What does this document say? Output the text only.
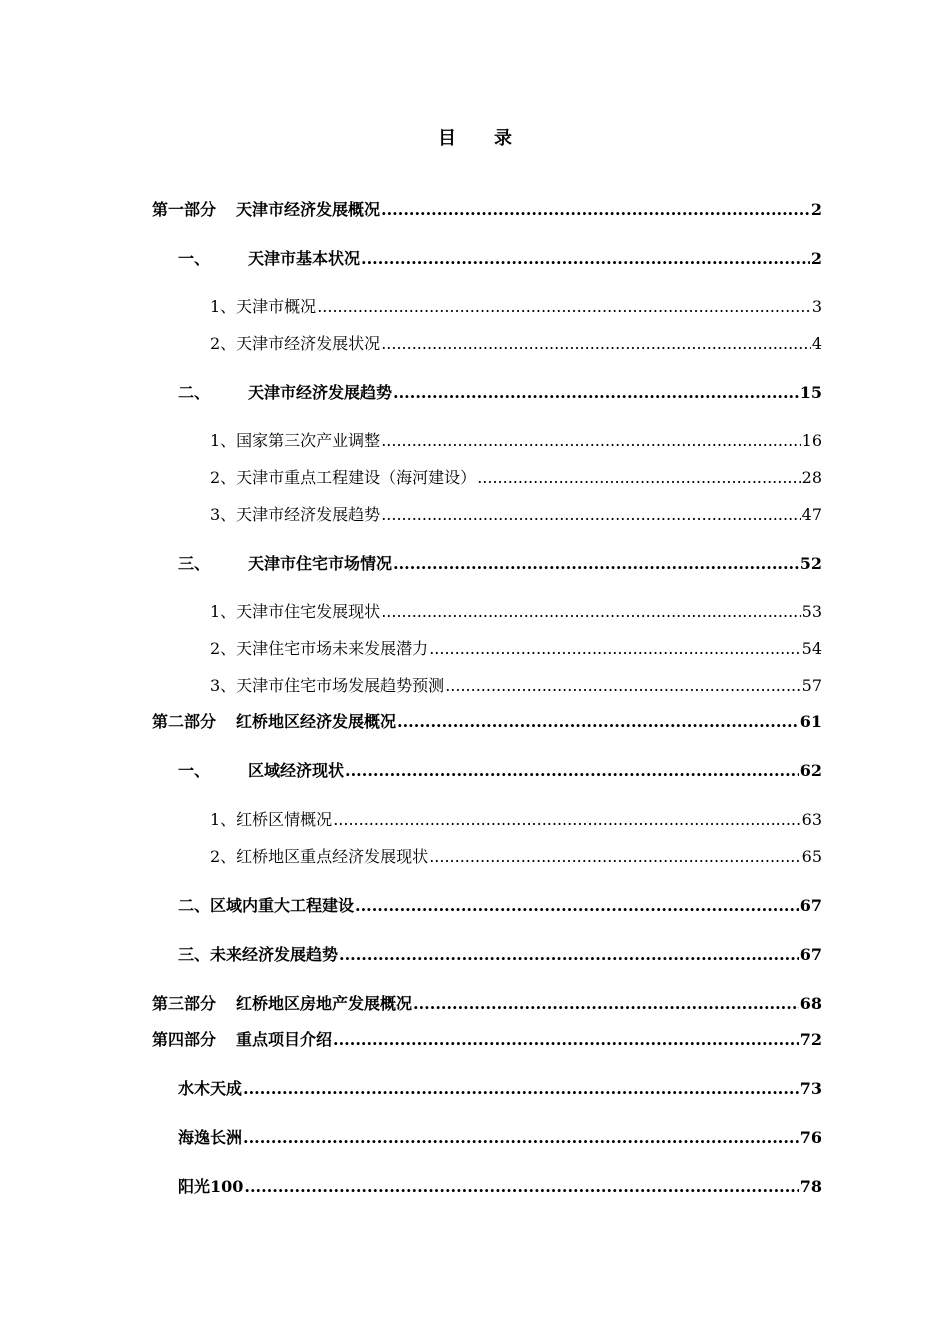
目 录
第一部分 天津市经济发展概况 .....	2
一、 天津市基本状况 .....	2
1、天津市概况 .....	3
2、天津市经济发展状况 .....	4
二、 天津市经济发展趋势 .....	15
1、国家第三次产业调整 .....	16
2、天津市重点工程建设（海河建设） .....	28
3、天津市经济发展趋势 .....	47
三、 天津市住宅市场情况 .....	52
1、天津市住宅发展现状 .....	53
2、天津住宅市场未来发展潜力 .....	54
3、天津市住宅市场发展趋势预测 .....	57
第二部分 红桥地区经济发展概况 .....	61
一、 区域经济现状 .....	62
1、红桥区情概况 .....	63
2、红桥地区重点经济发展现状 .....	65
二、区域内重大工程建设 .....	67
三、未来经济发展趋势 .....	67
第三部分 红桥地区房地产发展概况 .....	68
第四部分 重点项目介绍 .....	72
水木天成 .....	73
海逸长洲 .....	76
阳光100 .....	78
